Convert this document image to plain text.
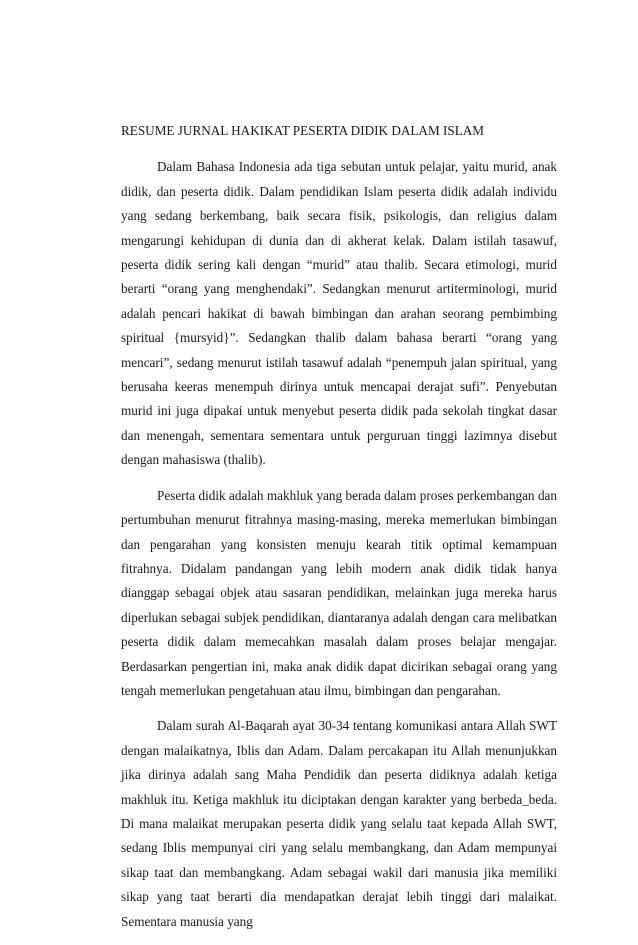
RESUME JURNAL HAKIKAT PESERTA DIDIK DALAM ISLAM

Dalam Bahasa Indonesia ada tiga sebutan untuk pelajar, yaitu murid, anak didik, dan peserta didik. Dalam pendidikan Islam peserta didik adalah individu yang sedang berkembang, baik secara fisik, psikologis, dan religius dalam mengarungi kehidupan di dunia dan di akherat kelak. Dalam istilah tasawuf, peserta didik sering kali dengan “murid” atau thalib. Secara etimologi, murid berarti “orang yang menghendaki”. Sedangkan menurut artiterminologi, murid adalah pencari hakikat di bawah bimbingan dan arahan seorang pembimbing spiritual {mursyid}”. Sedangkan thalib dalam bahasa berarti “orang yang mencari”, sedang menurut istilah tasawuf adalah “penempuh jalan spiritual, yang berusaha keeras menempuh dirinya untuk mencapai derajat sufi”. Penyebutan murid ini juga dipakai untuk menyebut peserta didik pada sekolah tingkat dasar dan menengah, sementara sementara untuk perguruan tinggi lazimnya disebut dengan mahasiswa (thalib).

Peserta didik adalah makhluk yang berada dalam proses perkembangan dan pertumbuhan menurut fitrahnya masing-masing, mereka memerlukan bimbingan dan pengarahan yang konsisten menuju kearah titik optimal kemampuan fitrahnya. Didalam pandangan yang lebih modern anak didik tidak hanya dianggap sebagai objek atau sasaran pendidikan, melainkan juga mereka harus diperlukan sebagai subjek pendidikan, diantaranya adalah dengan cara melibatkan peserta didik dalam memecahkan masalah dalam proses belajar mengajar. Berdasarkan pengertian ini, maka anak didik dapat dicirikan sebagai orang yang tengah memerlukan pengetahuan atau ilmu, bimbingan dan pengarahan.

Dalam surah Al-Baqarah ayat 30-34 tentang komunikasi antara Allah SWT dengan malaikatnya, Iblis dan Adam. Dalam percakapan itu Allah menunjukkan jika dirinya adalah sang Maha Pendidik dan peserta didiknya adalah ketiga makhluk itu. Ketiga makhluk itu diciptakan dengan karakter yang berbeda_beda. Di mana malaikat merupakan peserta didik yang selalu taat kepada Allah SWT, sedang Iblis mempunyai ciri yang selalu membangkang, dan Adam mempunyai sikap taat dan membangkang. Adam sebagai wakil dari manusia jika memiliki sikap yang taat berarti dia mendapatkan derajat lebih tinggi dari malaikat. Sementara manusia yang
